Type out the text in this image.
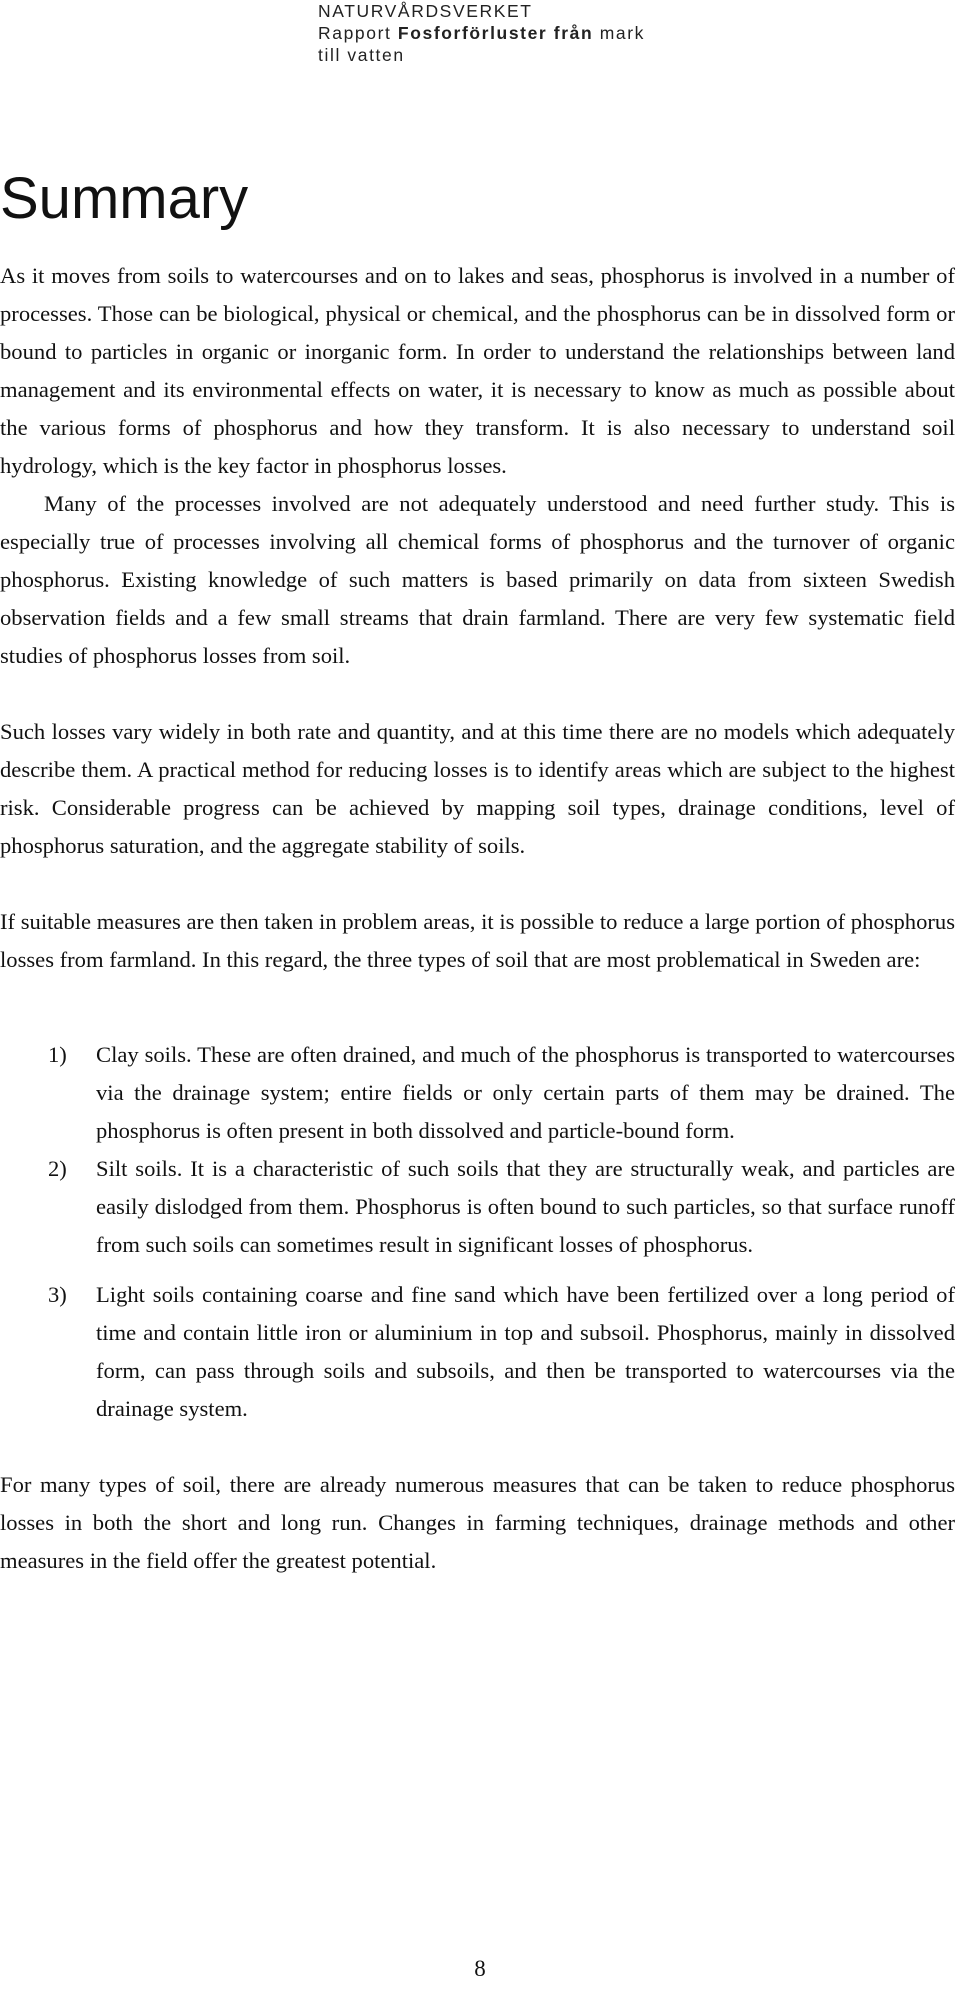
NATURVÅRDSVERKET
Rapport Fosforförluster från mark
till vatten
Summary

As it moves from soils to watercourses and on to lakes and seas, phosphorus is involved in a number of processes. Those can be biological, physical or chemical, and the phosphorus can be in dissolved form or bound to particles in organic or inorganic form. In order to understand the relationships between land management and its environmental effects on water, it is necessary to know as much as possible about the various forms of phosphorus and how they transform. It is also necessary to understand soil hydrology, which is the key factor in phosphorus losses.

Many of the processes involved are not adequately understood and need further study. This is especially true of processes involving all chemical forms of phosphorus and the turnover of organic phosphorus. Existing knowledge of such matters is based primarily on data from sixteen Swedish observation fields and a few small streams that drain farmland. There are very few systematic field studies of phosphorus losses from soil.

Such losses vary widely in both rate and quantity, and at this time there are no models which adequately describe them. A practical method for reducing losses is to identify areas which are subject to the highest risk. Considerable progress can be achieved by mapping soil types, drainage conditions, level of phosphorus saturation, and the aggregate stability of soils.

If suitable measures are then taken in problem areas, it is possible to reduce a large portion of phosphorus losses from farmland. In this regard, the three types of soil that are most problematical in Sweden are:

1) Clay soils. These are often drained, and much of the phosphorus is transported to watercourses via the drainage system; entire fields or only certain parts of them may be drained. The phosphorus is often present in both dissolved and particle-bound form.
2) Silt soils. It is a characteristic of such soils that they are structurally weak, and particles are easily dislodged from them. Phosphorus is often bound to such particles, so that surface runoff from such soils can sometimes result in significant losses of phosphorus.
3) Light soils containing coarse and fine sand which have been fertilized over a long period of time and contain little iron or aluminium in top and subsoil. Phosphorus, mainly in dissolved form, can pass through soils and subsoils, and then be transported to watercourses via the drainage system.

For many types of soil, there are already numerous measures that can be taken to reduce phosphorus losses in both the short and long run. Changes in farming techniques, drainage methods and other measures in the field offer the greatest potential.

8
